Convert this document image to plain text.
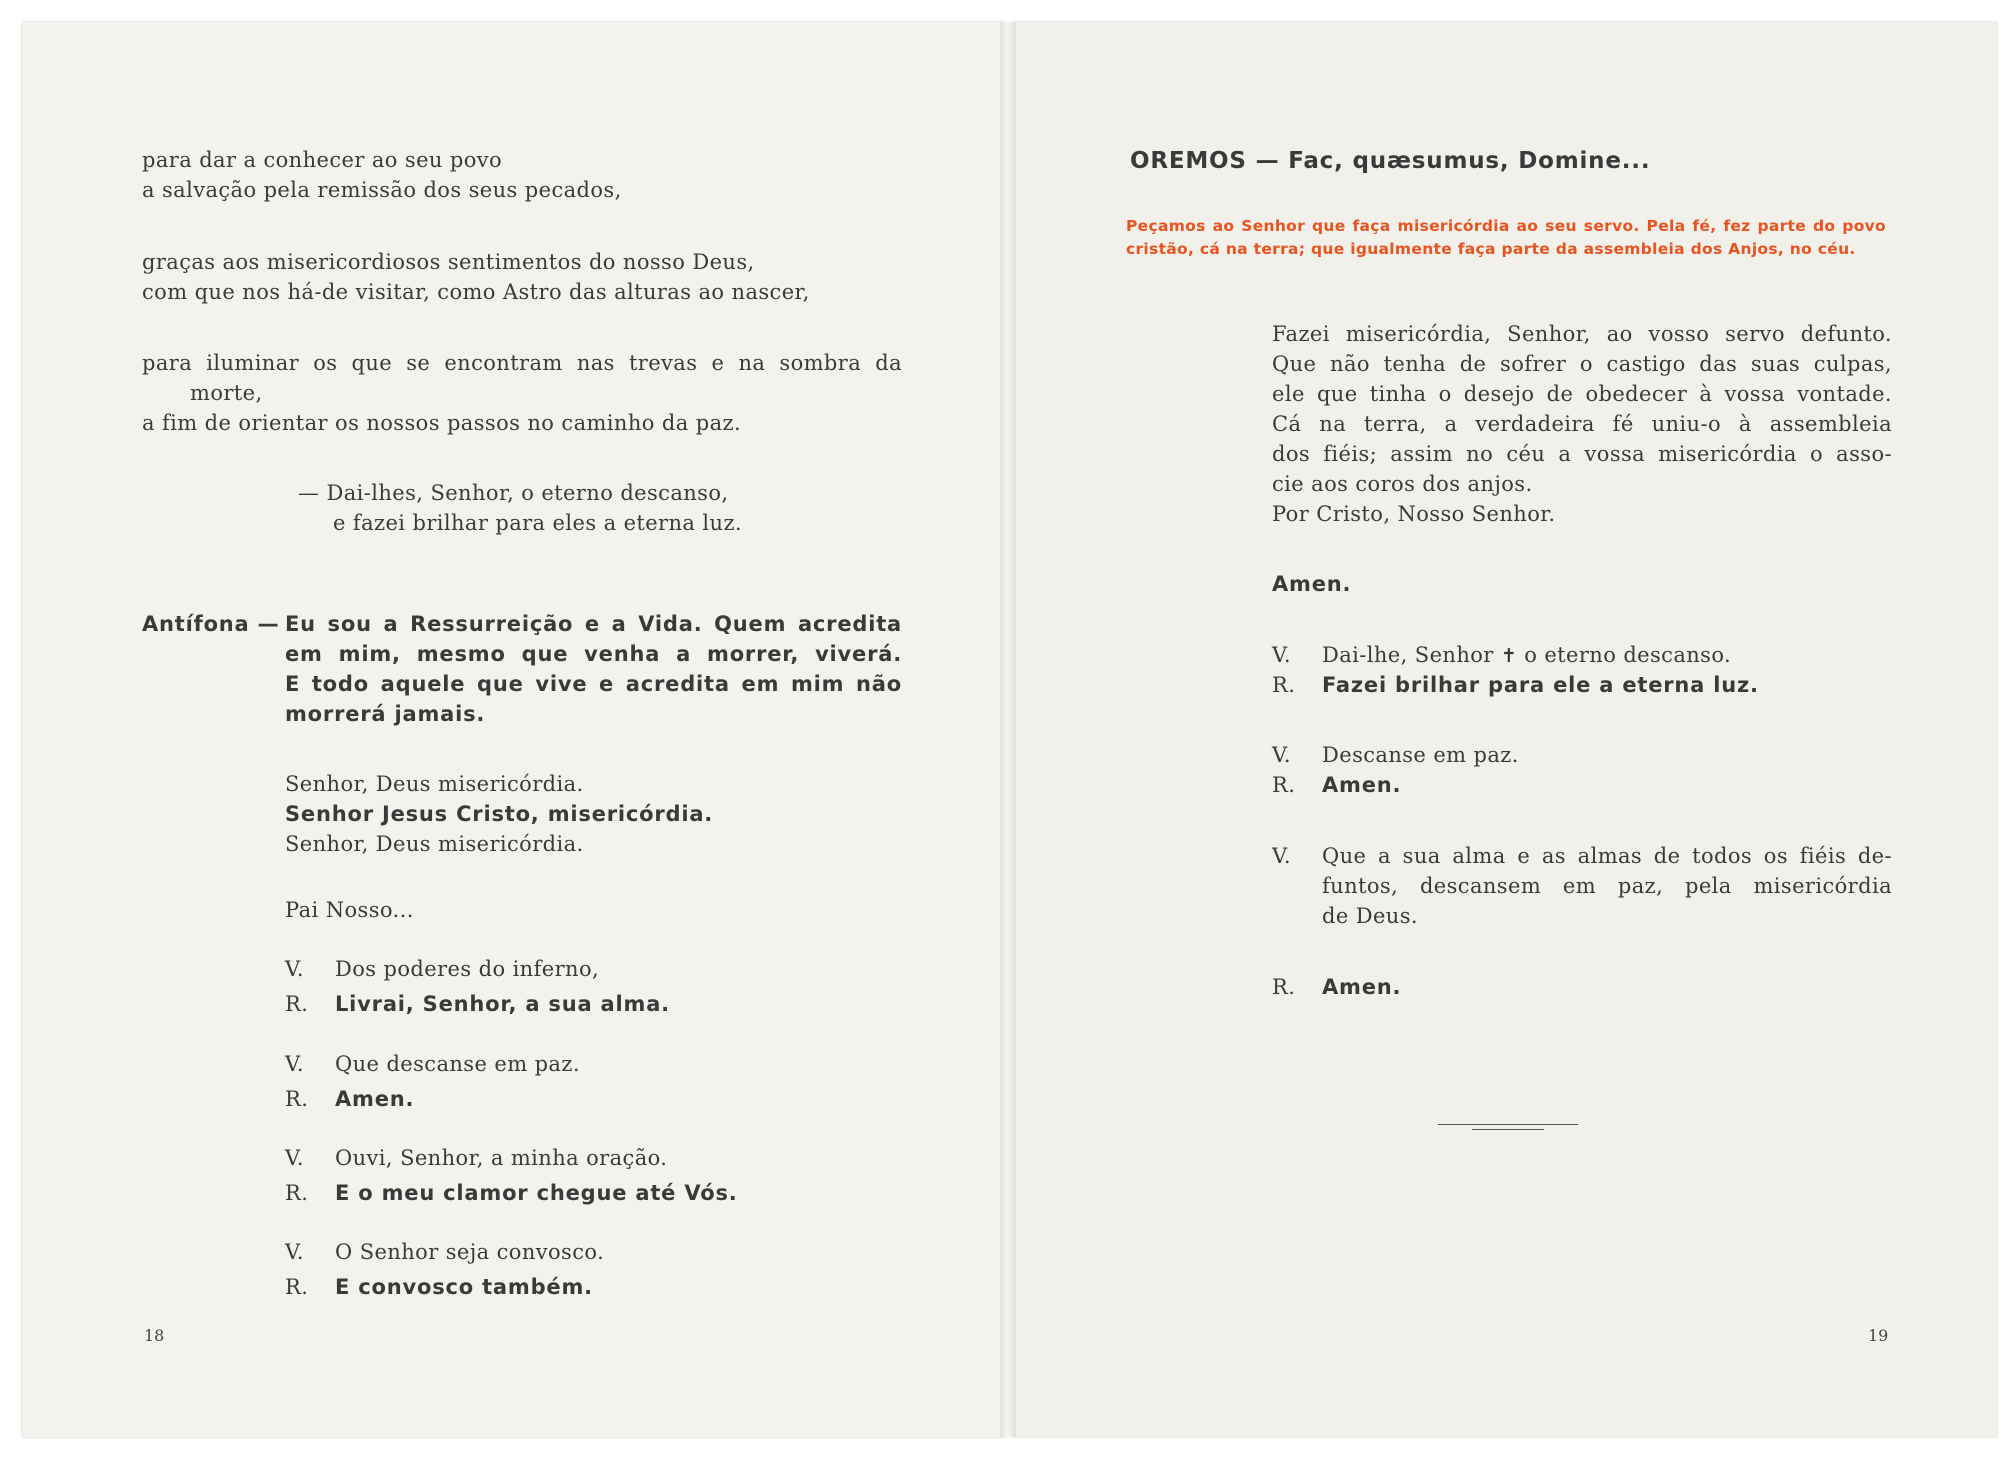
para dar a conhecer ao seu povo
a salvação pela remissão dos seus pecados,
graças aos misericordiosos sentimentos do nosso Deus,
com que nos há-de visitar, como Astro das alturas ao nascer,
para iluminar os que se encontram nas trevas e na sombra da
morte,
a fim de orientar os nossos passos no caminho da paz.
— Dai-lhes, Senhor, o eterno descanso,
e fazei brilhar para eles a eterna luz.
Antífona — Eu sou a Ressurreição e a Vida. Quem acredita
em mim, mesmo que venha a morrer, viverá.
E todo aquele que vive e acredita em mim não
morrerá jamais.
Senhor, Deus misericórdia.
Senhor Jesus Cristo, misericórdia.
Senhor, Deus misericórdia.
Pai Nosso...
V. Dos poderes do inferno,
R. Livrai, Senhor, a sua alma.
V. Que descanse em paz.
R. Amen.
V. Ouvi, Senhor, a minha oração.
R. E o meu clamor chegue até Vós.
V. O Senhor seja convosco.
R. E convosco também.
18
OREMOS — Fac, quæsumus, Domine...
Peçamos ao Senhor que faça misericórdia ao seu servo. Pela fé, fez parte do povo cristão, cá na terra; que igualmente faça parte da assembleia dos Anjos, no céu.
Fazei misericórdia, Senhor, ao vosso servo defunto.
Que não tenha de sofrer o castigo das suas culpas,
ele que tinha o desejo de obedecer à vossa vontade.
Cá na terra, a verdadeira fé uniu-o à assembleia
dos fiéis; assim no céu a vossa misericórdia o asso-
cie aos coros dos anjos.
Por Cristo, Nosso Senhor.
Amen.
V. Dai-lhe, Senhor ✝ o eterno descanso.
R. Fazei brilhar para ele a eterna luz.
V. Descanse em paz.
R. Amen.
V. Que a sua alma e as almas de todos os fiéis de-
funtos, descansem em paz, pela misericórdia
de Deus.
R. Amen.
19
